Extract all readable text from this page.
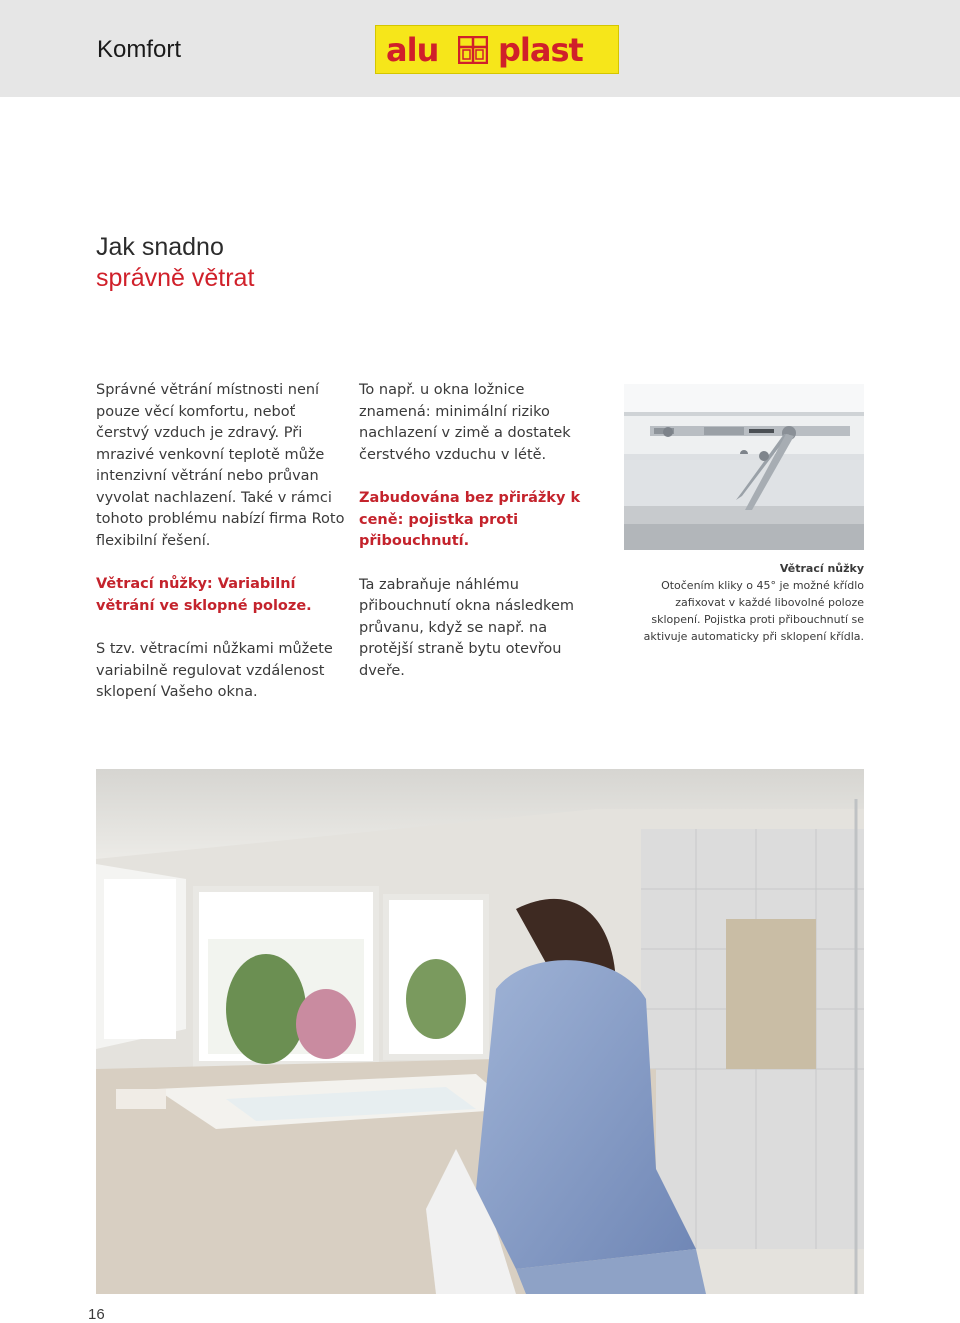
Komfort	alu plast
Jak snadno
správně větrat

Správné větrání místnosti není pouze věcí komfortu, neboť čerstvý vzduch je zdravý. Při mrazivé venkovní teplotě může intenzivní větrání nebo průvan vyvolat nachlazení. Také v rámci tohoto problému nabízí firma Roto flexibilní řešení.

Větrací nůžky: Variabilní větrání ve sklopné poloze.

S tzv. větracími nůžkami můžete variabilně regulovat vzdálenost sklopení Vašeho okna.

To např. u okna ložnice znamená: minimální riziko nachlazení v zimě a dostatek čerstvého vzduchu v létě.

Zabudována bez přirážky k ceně: pojistka proti přibouchnutí.

Ta zabraňuje náhlému přibouchnutí okna následkem průvanu, když se např. na protější straně bytu otevřou dveře.

Větrací nůžky
Otočením kliky o 45° je možné křídlo zafixovat v každé libovolné poloze sklopení. Pojistka proti přibouchnutí se aktivuje automaticky při sklopení křídla.
16
